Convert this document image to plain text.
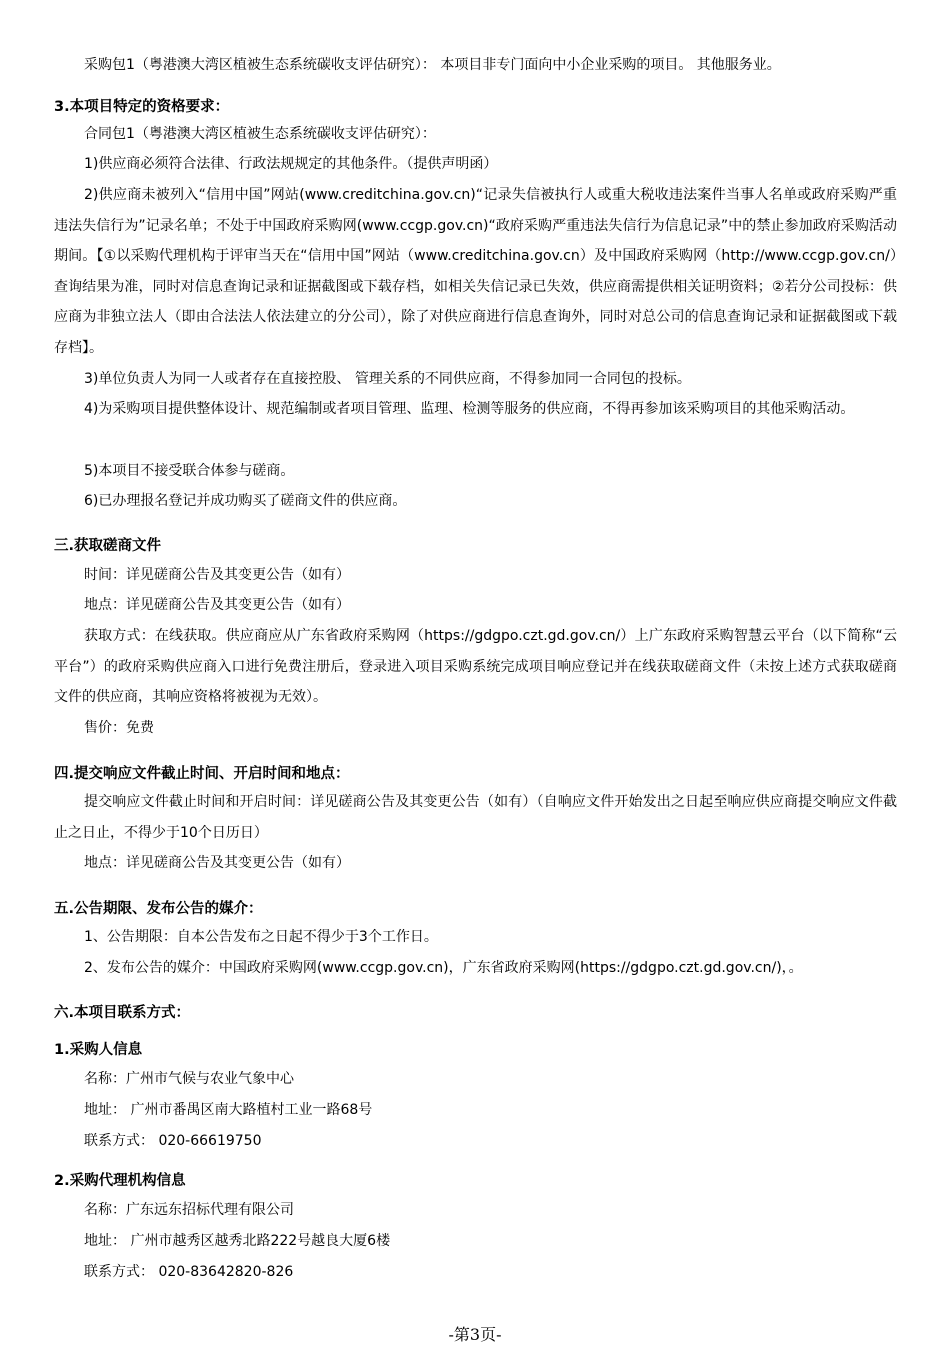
采购包1（粤港澳大湾区植被生态系统碳收支评估研究）： 本项目非专门面向中小企业采购的项目。 其他服务业。
3.本项目特定的资格要求：
合同包1（粤港澳大湾区植被生态系统碳收支评估研究）：
1)供应商必须符合法律、行政法规规定的其他条件。（提供声明函）
2)供应商未被列入“信用中国”网站(www.creditchina.gov.cn)“记录失信被执行人或重大税收违法案件当事人名单或政府采购严重违法失信行为”记录名单；不处于中国政府采购网(www.ccgp.gov.cn)“政府采购严重违法失信行为信息记录”中的禁止参加政府采购活动期间。【①以采购代理机构于评审当天在“信用中国”网站（www.creditchina.gov.cn）及中国政府采购网（http://www.ccgp.gov.cn/）查询结果为准，同时对信息查询记录和证据截图或下载存档，如相关失信记录已失效，供应商需提供相关证明资料；②若分公司投标：供应商为非独立法人（即由合法法人依法建立的分公司），除了对供应商进行信息查询外，同时对总公司的信息查询记录和证据截图或下载存档】。
3)单位负责人为同一人或者存在直接控股、 管理关系的不同供应商，不得参加同一合同包的投标。
4)为采购项目提供整体设计、规范编制或者项目管理、监理、检测等服务的供应商，不得再参加该采购项目的其他采购活动。
5)本项目不接受联合体参与磋商。
6)已办理报名登记并成功购买了磋商文件的供应商。
三.获取磋商文件
时间：详见磋商公告及其变更公告（如有）
地点：详见磋商公告及其变更公告（如有）
获取方式：在线获取。供应商应从广东省政府采购网（https://gdgpo.czt.gd.gov.cn/）上广东政府采购智慧云平台（以下简称“云平台”）的政府采购供应商入口进行免费注册后，登录进入项目采购系统完成项目响应登记并在线获取磋商文件（未按上述方式获取磋商文件的供应商，其响应资格将被视为无效）。
售价：免费
四.提交响应文件截止时间、开启时间和地点：
提交响应文件截止时间和开启时间：详见磋商公告及其变更公告（如有）（自响应文件开始发出之日起至响应供应商提交响应文件截止之日止，不得少于10个日历日）
地点：详见磋商公告及其变更公告（如有）
五.公告期限、发布公告的媒介：
1、公告期限：自本公告发布之日起不得少于3个工作日。
2、发布公告的媒介：中国政府采购网(www.ccgp.gov.cn)，广东省政府采购网(https://gdgpo.czt.gd.gov.cn/)，。
六.本项目联系方式：
1.采购人信息
名称：广州市气候与农业气象中心
地址： 广州市番禺区南大路植村工业一路68号
联系方式： 020-66619750
2.采购代理机构信息
名称：广东远东招标代理有限公司
地址： 广州市越秀区越秀北路222号越良大厦6楼
联系方式： 020-83642820-826
-第3页-
